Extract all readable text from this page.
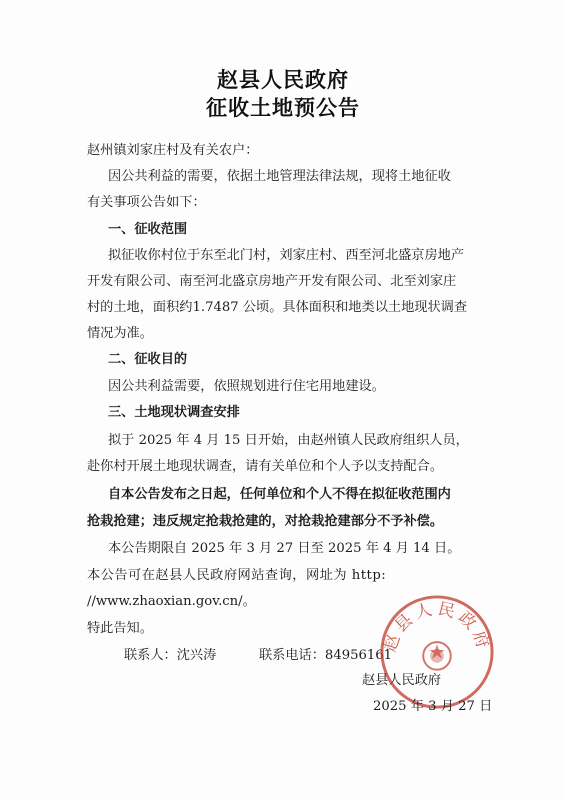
赵县人民政府
征收土地预公告
赵州镇刘家庄村及有关农户：
因公共利益的需要，依据土地管理法律法规，现将土地征收
有关事项公告如下：
一、征收范围
拟征收你村位于东至北门村，刘家庄村、西至河北盛京房地产
开发有限公司、南至河北盛京房地产开发有限公司、北至刘家庄
村的土地，面积约1.7487 公顷。具体面积和地类以土地现状调查
情况为准。
二、征收目的
因公共利益需要，依照规划进行住宅用地建设。
三、土地现状调查安排
拟于 2025 年 4 月 15 日开始，由赵州镇人民政府组织人员，
赴你村开展土地现状调查，请有关单位和个人予以支持配合。
自本公告发布之日起，任何单位和个人不得在拟征收范围内
抢栽抢建；违反规定抢栽抢建的，对抢栽抢建部分不予补偿。
本公告期限自 2025 年 3 月 27 日至 2025 年 4 月 14 日。
本公告可在赵县人民政府网站查询，网址为 http:
//www.zhaoxian.gov.cn/。
特此告知。
联系人：沈兴涛	联系电话：84956161
赵县人民政府
赵县人民政府
2025 年 3 月 27 日
